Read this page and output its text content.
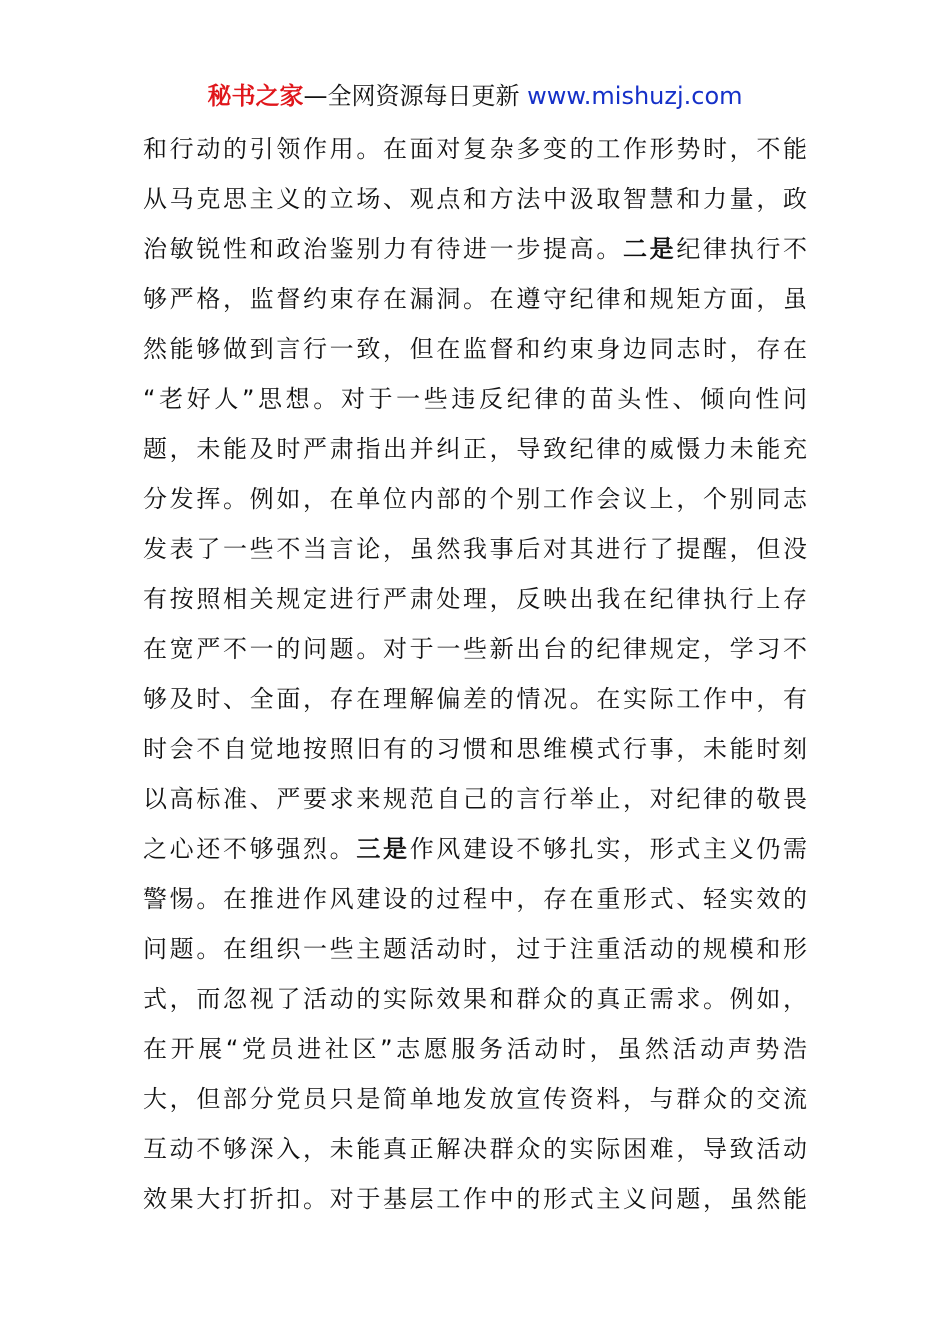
秘书之家—全网资源每日更新 www.mishuzj.com
和行动的引领作用。在面对复杂多变的工作形势时，不能
从马克思主义的立场、观点和方法中汲取智慧和力量，政
治敏锐性和政治鉴别力有待进一步提高。二是纪律执行不
够严格，监督约束存在漏洞。在遵守纪律和规矩方面，虽
然能够做到言行一致，但在监督和约束身边同志时，存在
“老好人”思想。对于一些违反纪律的苗头性、倾向性问
题，未能及时严肃指出并纠正，导致纪律的威慑力未能充
分发挥。例如，在单位内部的个别工作会议上，个别同志
发表了一些不当言论，虽然我事后对其进行了提醒，但没
有按照相关规定进行严肃处理，反映出我在纪律执行上存
在宽严不一的问题。对于一些新出台的纪律规定，学习不
够及时、全面，存在理解偏差的情况。在实际工作中，有
时会不自觉地按照旧有的习惯和思维模式行事，未能时刻
以高标准、严要求来规范自己的言行举止，对纪律的敬畏
之心还不够强烈。三是作风建设不够扎实，形式主义仍需
警惕。在推进作风建设的过程中，存在重形式、轻实效的
问题。在组织一些主题活动时，过于注重活动的规模和形
式，而忽视了活动的实际效果和群众的真正需求。例如，
在开展“党员进社区”志愿服务活动时，虽然活动声势浩
大，但部分党员只是简单地发放宣传资料，与群众的交流
互动不够深入，未能真正解决群众的实际困难，导致活动
效果大打折扣。对于基层工作中的形式主义问题，虽然能
